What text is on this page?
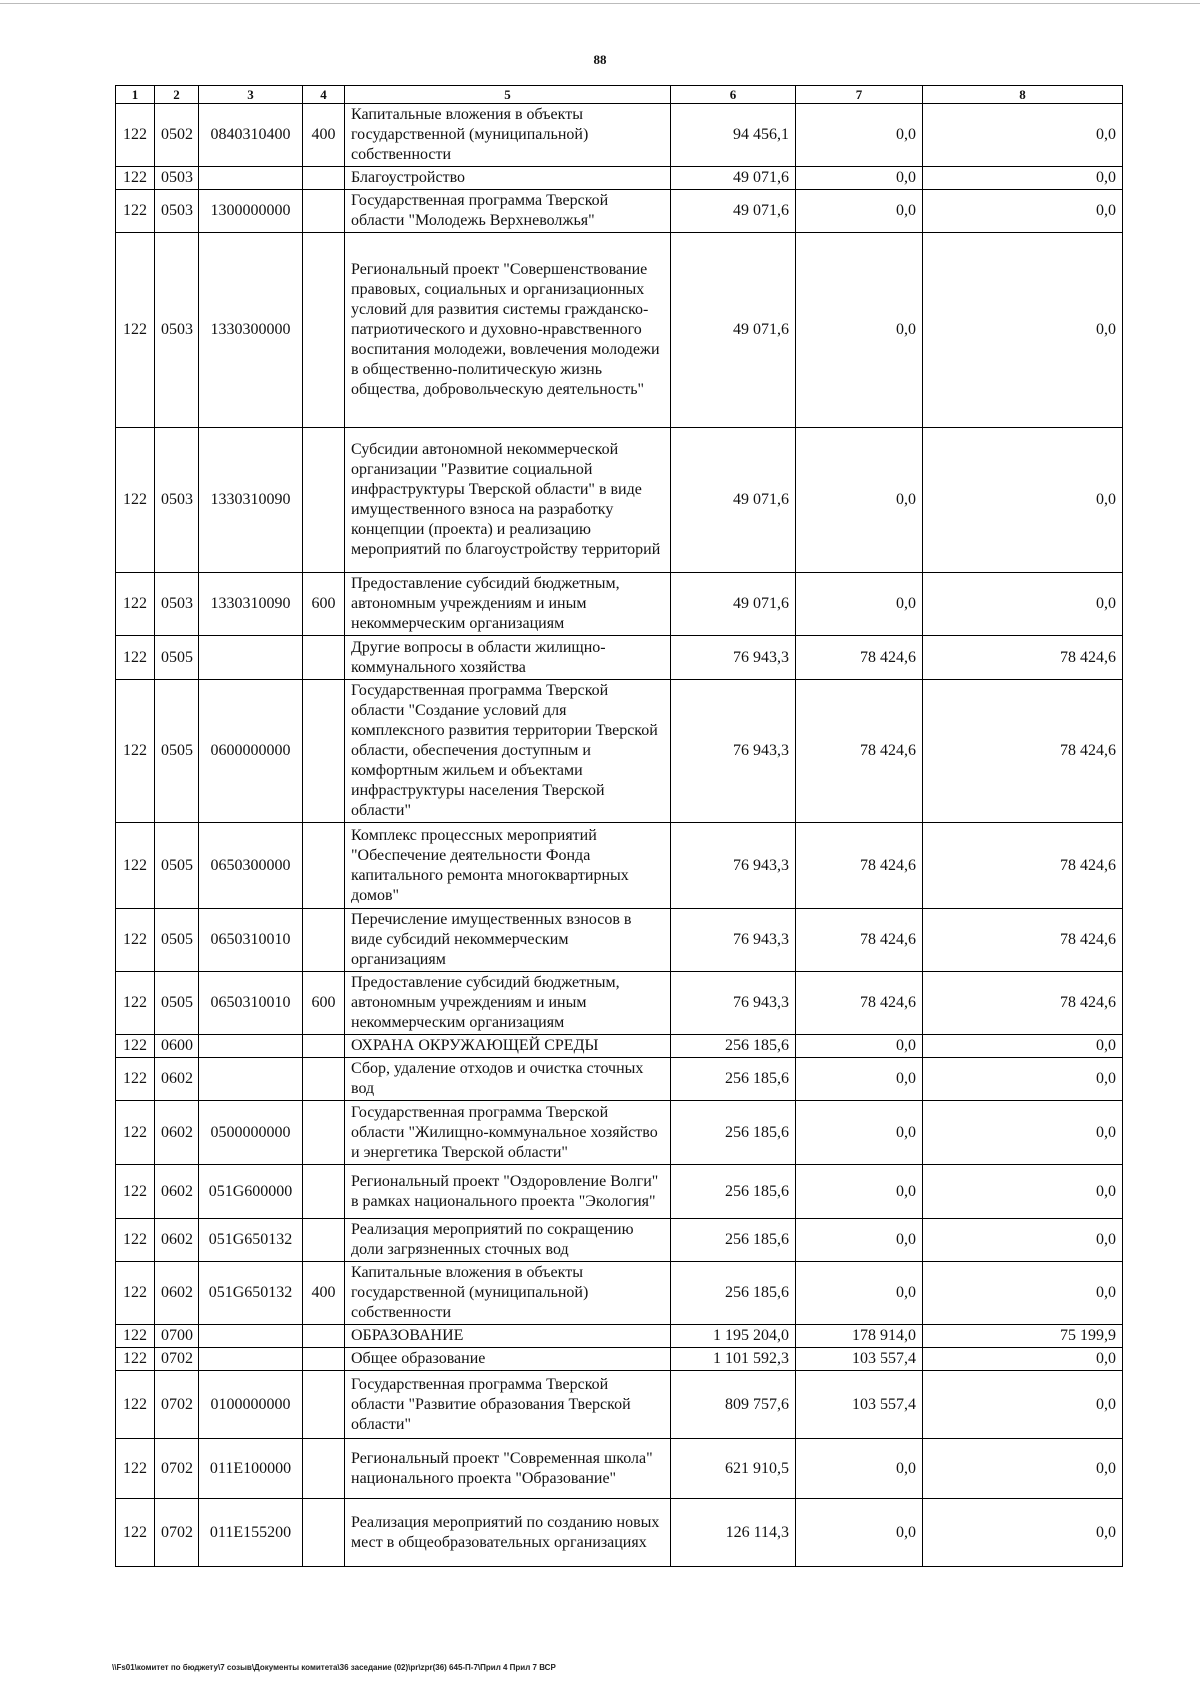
88
1	2	3	4	5	6	7	8
122	0502	0840310400	400	Капитальные вложения в объекты государственной (муниципальной) собственности	94 456,1	0,0	0,0
122	0503			Благоустройство	49 071,6	0,0	0,0
122	0503	1300000000		Государственная программа Тверской области "Молодежь Верхневолжья"	49 071,6	0,0	0,0
122	0503	1330300000		Региональный проект "Совершенствование правовых, социальных и организационных условий для развития системы гражданско-патриотического и духовно-нравственного воспитания молодежи, вовлечения молодежи в общественно-политическую жизнь общества, добровольческую деятельность"	49 071,6	0,0	0,0
122	0503	1330310090		Субсидии автономной некоммерческой организации "Развитие социальной инфраструктуры Тверской области" в виде имущественного взноса на разработку концепции (проекта) и реализацию мероприятий по благоустройству территорий	49 071,6	0,0	0,0
122	0503	1330310090	600	Предоставление субсидий бюджетным, автономным учреждениям и иным некоммерческим организациям	49 071,6	0,0	0,0
122	0505			Другие вопросы в области жилищно-коммунального хозяйства	76 943,3	78 424,6	78 424,6
122	0505	0600000000		Государственная программа Тверской области "Создание условий для комплексного развития территории Тверской области, обеспечения доступным и комфортным жильем и объектами инфраструктуры населения Тверской области"	76 943,3	78 424,6	78 424,6
122	0505	0650300000		Комплекс процессных мероприятий "Обеспечение деятельности Фонда капитального ремонта многоквартирных домов"	76 943,3	78 424,6	78 424,6
122	0505	0650310010		Перечисление имущественных взносов в виде субсидий некоммерческим организациям	76 943,3	78 424,6	78 424,6
122	0505	0650310010	600	Предоставление субсидий бюджетным, автономным учреждениям и иным некоммерческим организациям	76 943,3	78 424,6	78 424,6
122	0600			ОХРАНА ОКРУЖАЮЩЕЙ СРЕДЫ	256 185,6	0,0	0,0
122	0602			Сбор, удаление отходов и очистка сточных вод	256 185,6	0,0	0,0
122	0602	0500000000		Государственная программа Тверской области "Жилищно-коммунальное хозяйство и энергетика Тверской области"	256 185,6	0,0	0,0
122	0602	051G600000		Региональный проект "Оздоровление Волги" в рамках национального проекта "Экология"	256 185,6	0,0	0,0
122	0602	051G650132		Реализация мероприятий по сокращению доли загрязненных сточных вод	256 185,6	0,0	0,0
122	0602	051G650132	400	Капитальные вложения в объекты государственной (муниципальной) собственности	256 185,6	0,0	0,0
122	0700			ОБРАЗОВАНИЕ	1 195 204,0	178 914,0	75 199,9
122	0702			Общее образование	1 101 592,3	103 557,4	0,0
122	0702	0100000000		Государственная программа Тверской области "Развитие образования Тверской области"	809 757,6	103 557,4	0,0
122	0702	011E100000		Региональный проект "Современная школа" национального проекта "Образование"	621 910,5	0,0	0,0
122	0702	011E155200		Реализация мероприятий по созданию новых мест в общеобразовательных организациях	126 114,3	0,0	0,0
\\Fs01\комитет по бюджету\7 созыв\Документы комитета\36 заседание (02)\pr\zpr(36) 645-П-7\Прил 4 Прил 7 ВСР
